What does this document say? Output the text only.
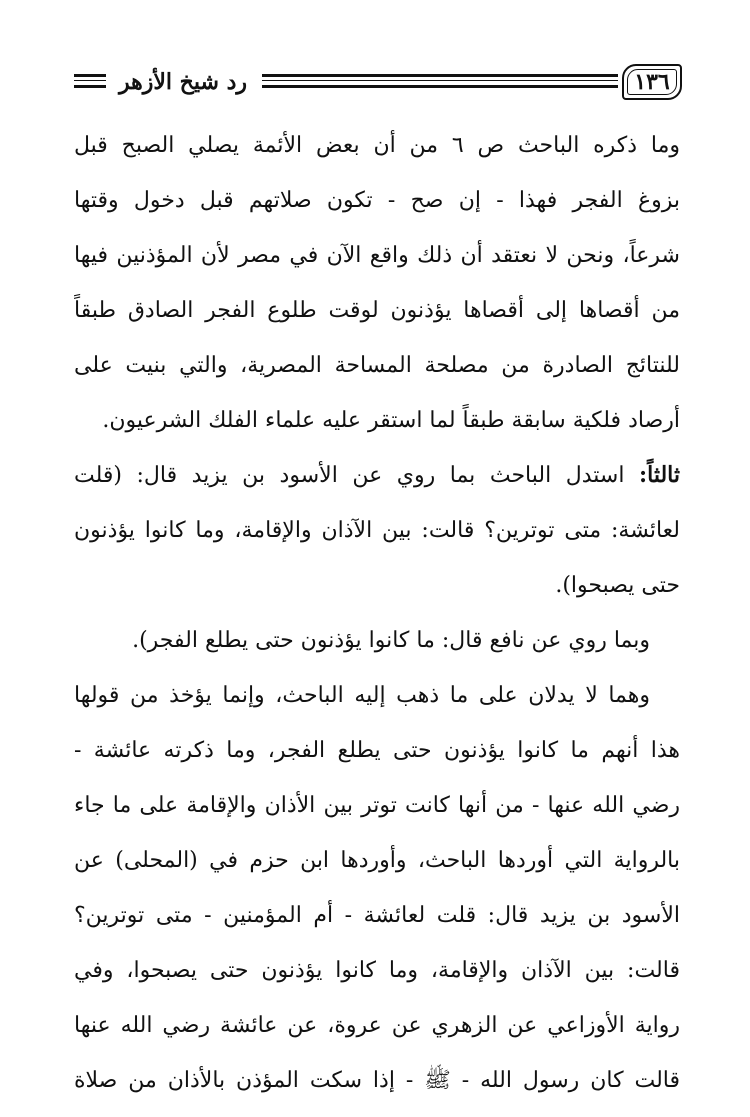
١٣٦
رد شيخ الأزهر
وما ذكره الباحث ص ٦ من أن بعض الأئمة يصلي الصبح قبل
بزوغ الفجر فهذا - إن صح - تكون صلاتهم قبل دخول وقتها
شرعاً، ونحن لا نعتقد أن ذلك واقع الآن في مصر لأن المؤذنين فيها
من أقصاها إلى أقصاها يؤذنون لوقت طلوع الفجر الصادق طبقاً
للنتائج الصادرة من مصلحة المساحة المصرية، والتي بنيت على
أرصاد فلكية سابقة طبقاً لما استقر عليه علماء الفلك الشرعيون.
ثالثاً: استدل الباحث بما روي عن الأسود بن يزيد قال: (قلت
لعائشة: متى توترين؟ قالت: بين الآذان والإقامة، وما كانوا يؤذنون
حتى يصبحوا).
وبما روي عن نافع قال: ما كانوا يؤذنون حتى يطلع الفجر).
وهما لا يدلان على ما ذهب إليه الباحث، وإنما يؤخذ من قولها
هذا أنهم ما كانوا يؤذنون حتى يطلع الفجر، وما ذكرته عائشة -
رضي الله عنها - من أنها كانت توتر بين الأذان والإقامة على ما جاء
بالرواية التي أوردها الباحث، وأوردها ابن حزم في (المحلى) عن
الأسود بن يزيد قال: قلت لعائشة - أم المؤمنين - متى توترين؟
قالت: بين الآذان والإقامة، وما كانوا يؤذنون حتى يصبحوا، وفي
رواية الأوزاعي عن الزهري عن عروة، عن عائشة رضي الله عنها
قالت كان رسول الله - ﷺ - إذا سكت المؤذن بالأذان من صلاة
